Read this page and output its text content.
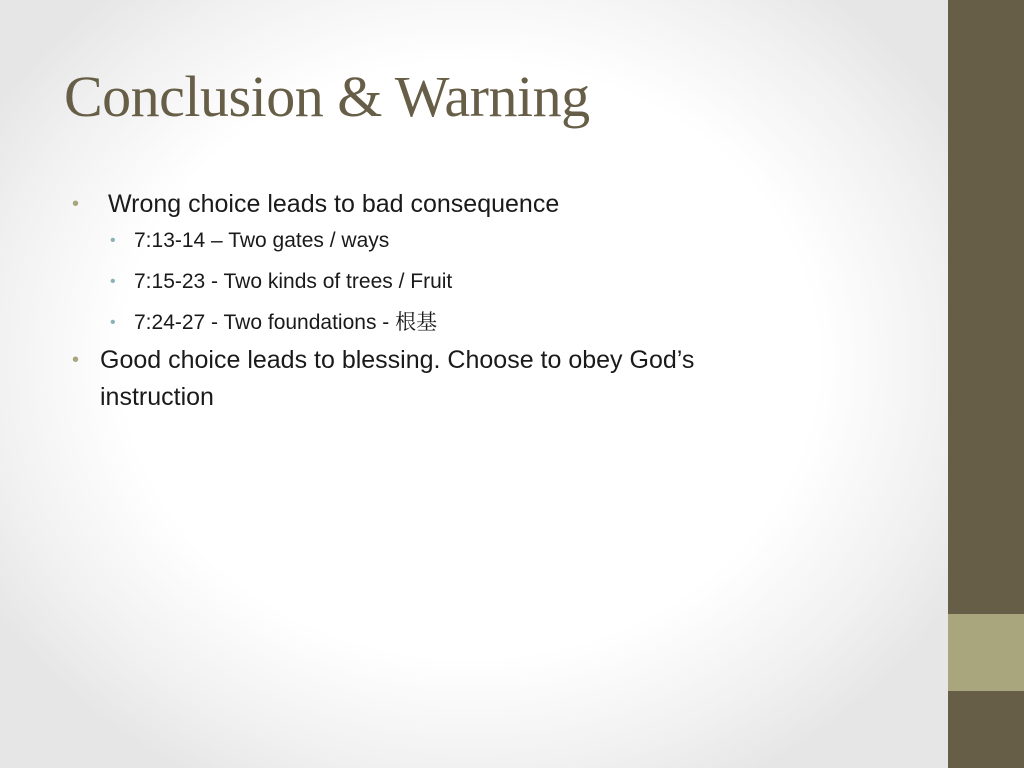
Conclusion & Warning
• Wrong choice leads to bad consequence
• 7:13-14 – Two gates / ways
• 7:15-23 - Two kinds of trees / Fruit
• 7:24-27 - Two foundations - 根基
• Good choice leads to blessing. Choose to obey God’s instruction
